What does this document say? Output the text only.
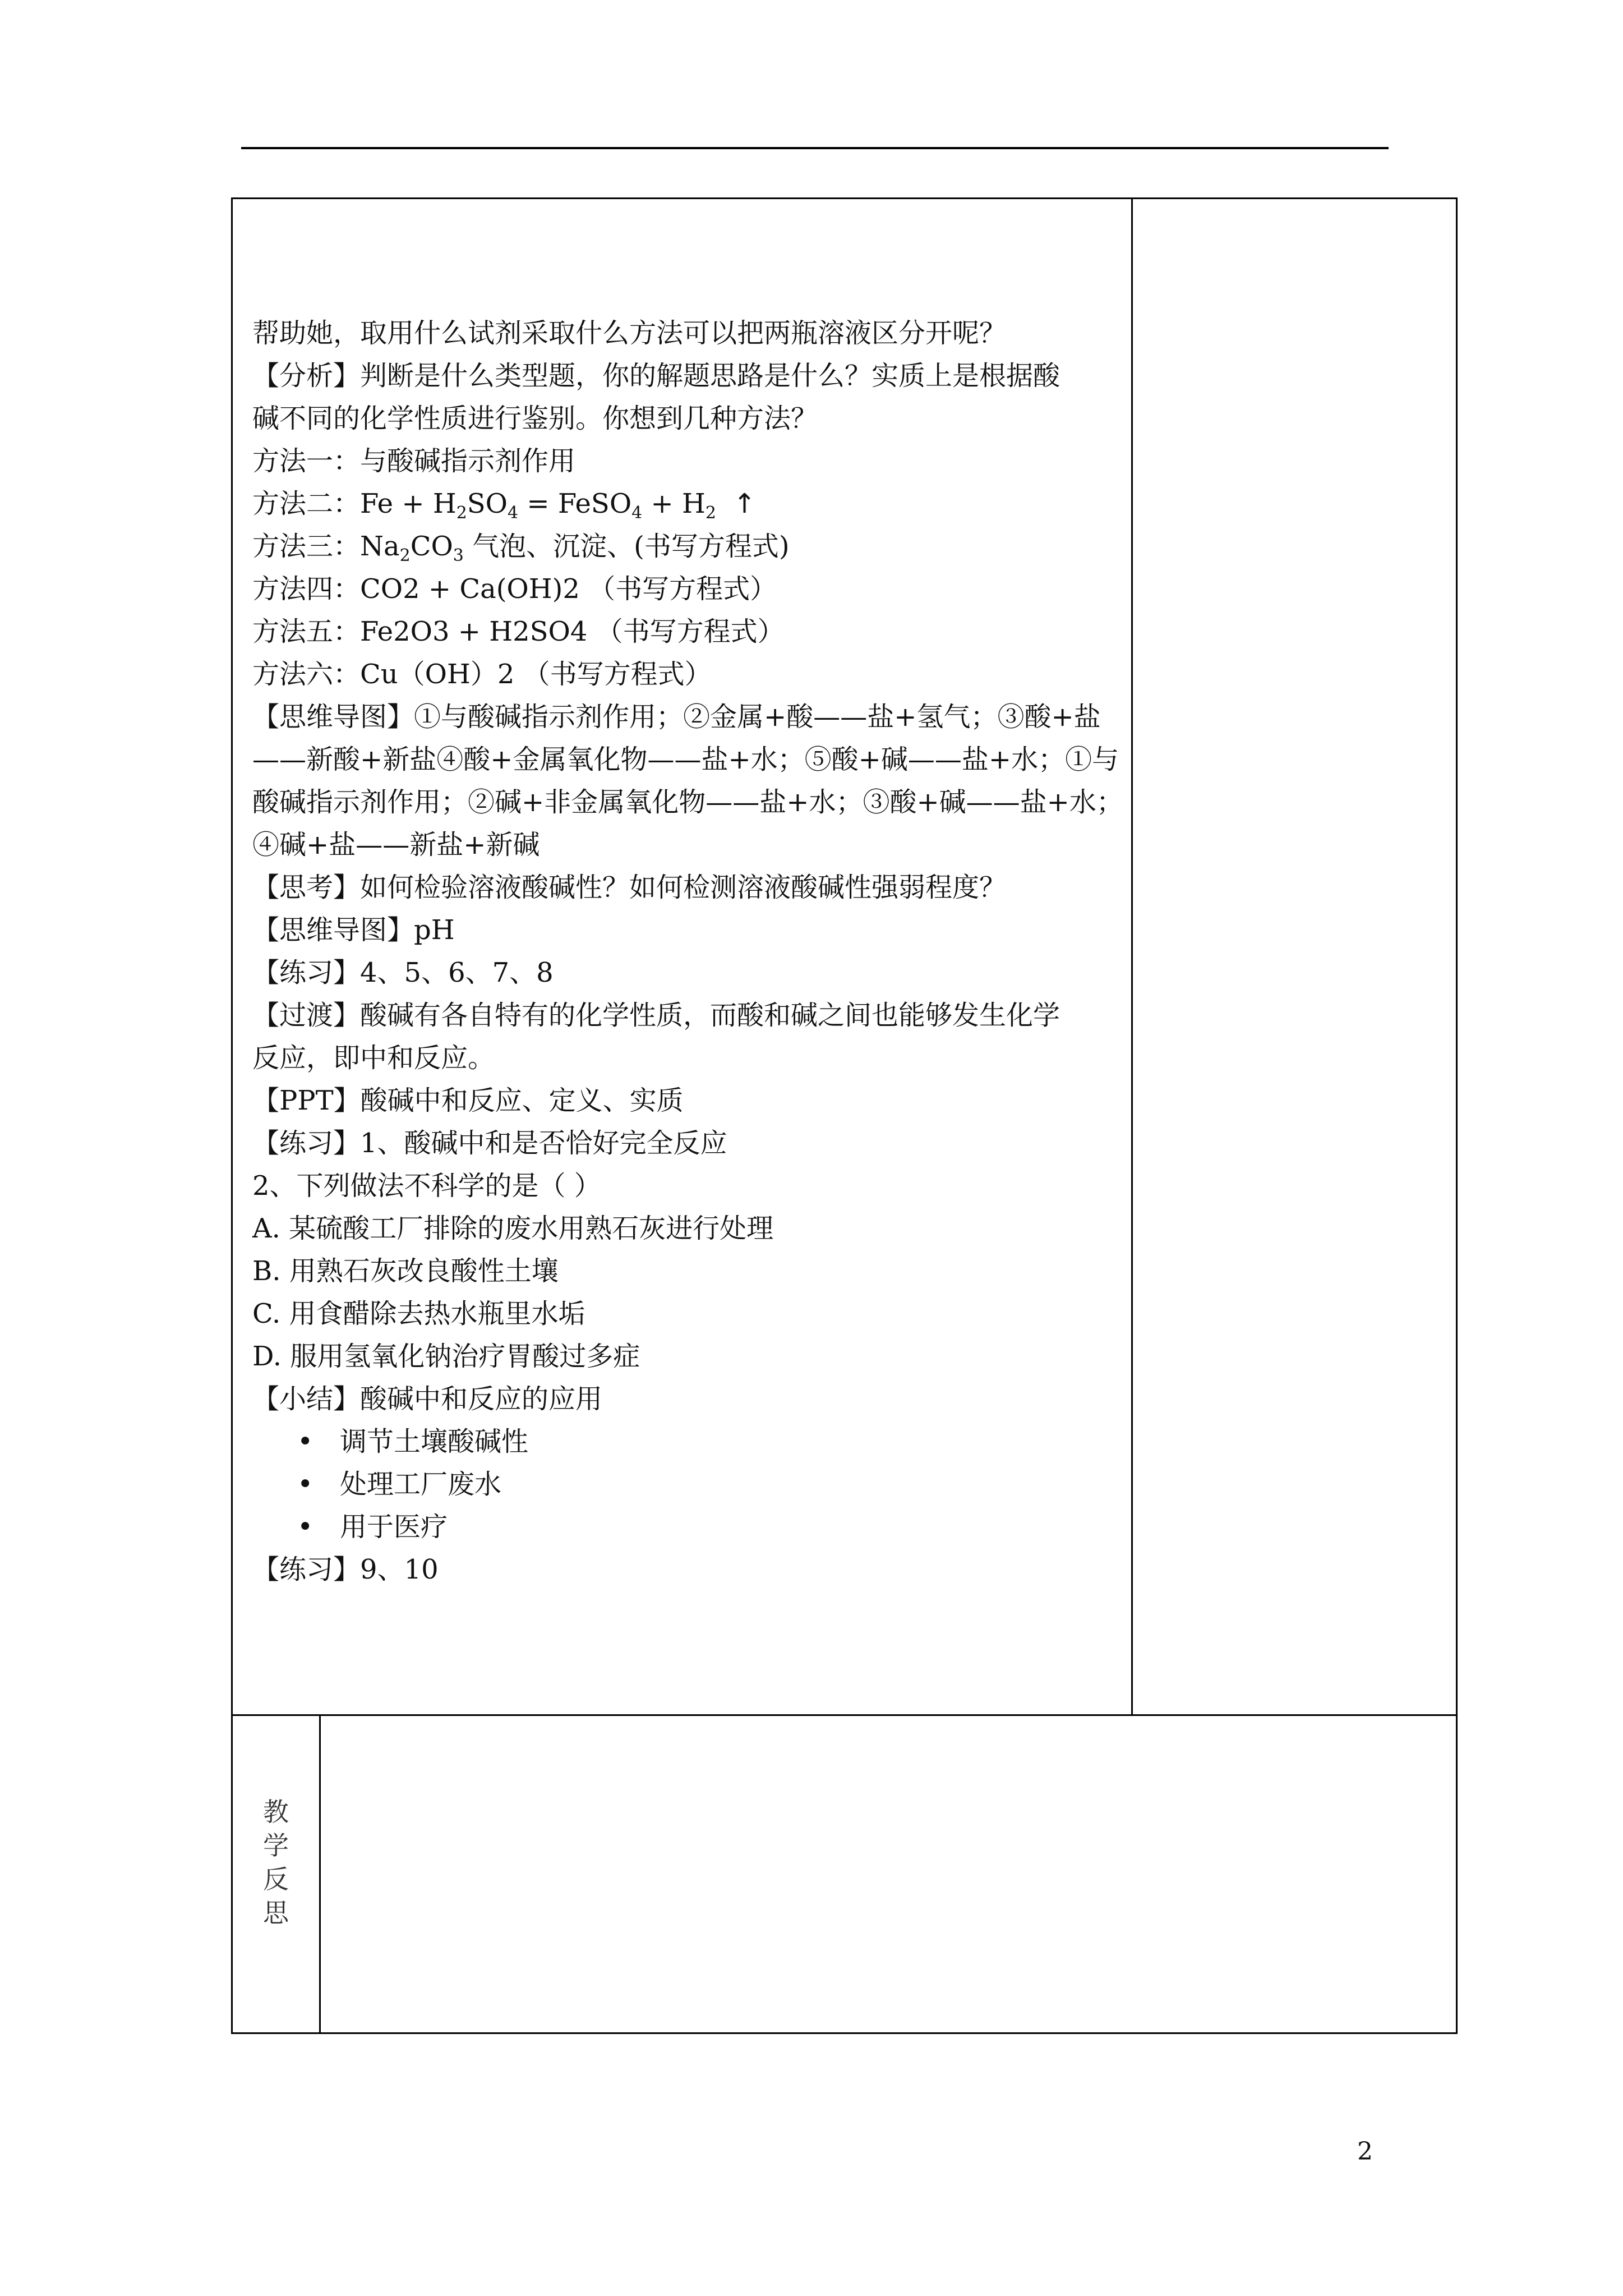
帮助她，取用什么试剂采取什么方法可以把两瓶溶液区分开呢？
【分析】判断是什么类型题，你的解题思路是什么？实质上是根据酸
碱不同的化学性质进行鉴别。你想到几种方法？
方法一：与酸碱指示剂作用
方法二：$Fe + H_2SO_4$ = FeSO$_4$ + $H_2$ ↑
方法三：$Na_2CO_3$ 气泡、沉淀、(书写方程式)
方法四：CO2 + Ca(OH)2 （书写方程式）
方法五：Fe2O3 + H2SO4 （书写方程式）
方法六：Cu（OH）2 （书写方程式）
【思维导图】①与酸碱指示剂作用；②金属+酸——盐+氢气；③酸+盐
——新酸+新盐④酸+金属氧化物——盐+水；⑤酸+碱——盐+水；①与
酸碱指示剂作用；②碱+非金属氧化物——盐+水；③酸+碱——盐+水；
④碱+盐——新盐+新碱
【思考】如何检验溶液酸碱性？如何检测溶液酸碱性强弱程度？
【思维导图】pH
【练习】4、5、6、7、8
【过渡】酸碱有各自特有的化学性质，而酸和碱之间也能够发生化学
反应，即中和反应。
【PPT】酸碱中和反应、定义、实质
【练习】1、酸碱中和是否恰好完全反应
2、下列做法不科学的是（ ）
A. 某硫酸工厂排除的废水用熟石灰进行处理
B. 用熟石灰改良酸性土壤
C. 用食醋除去热水瓶里水垢
D. 服用氢氧化钠治疗胃酸过多症
【小结】酸碱中和反应的应用
• 调节土壤酸碱性
• 处理工厂废水
• 用于医疗
【练习】9、10
教
学
反
思
2
